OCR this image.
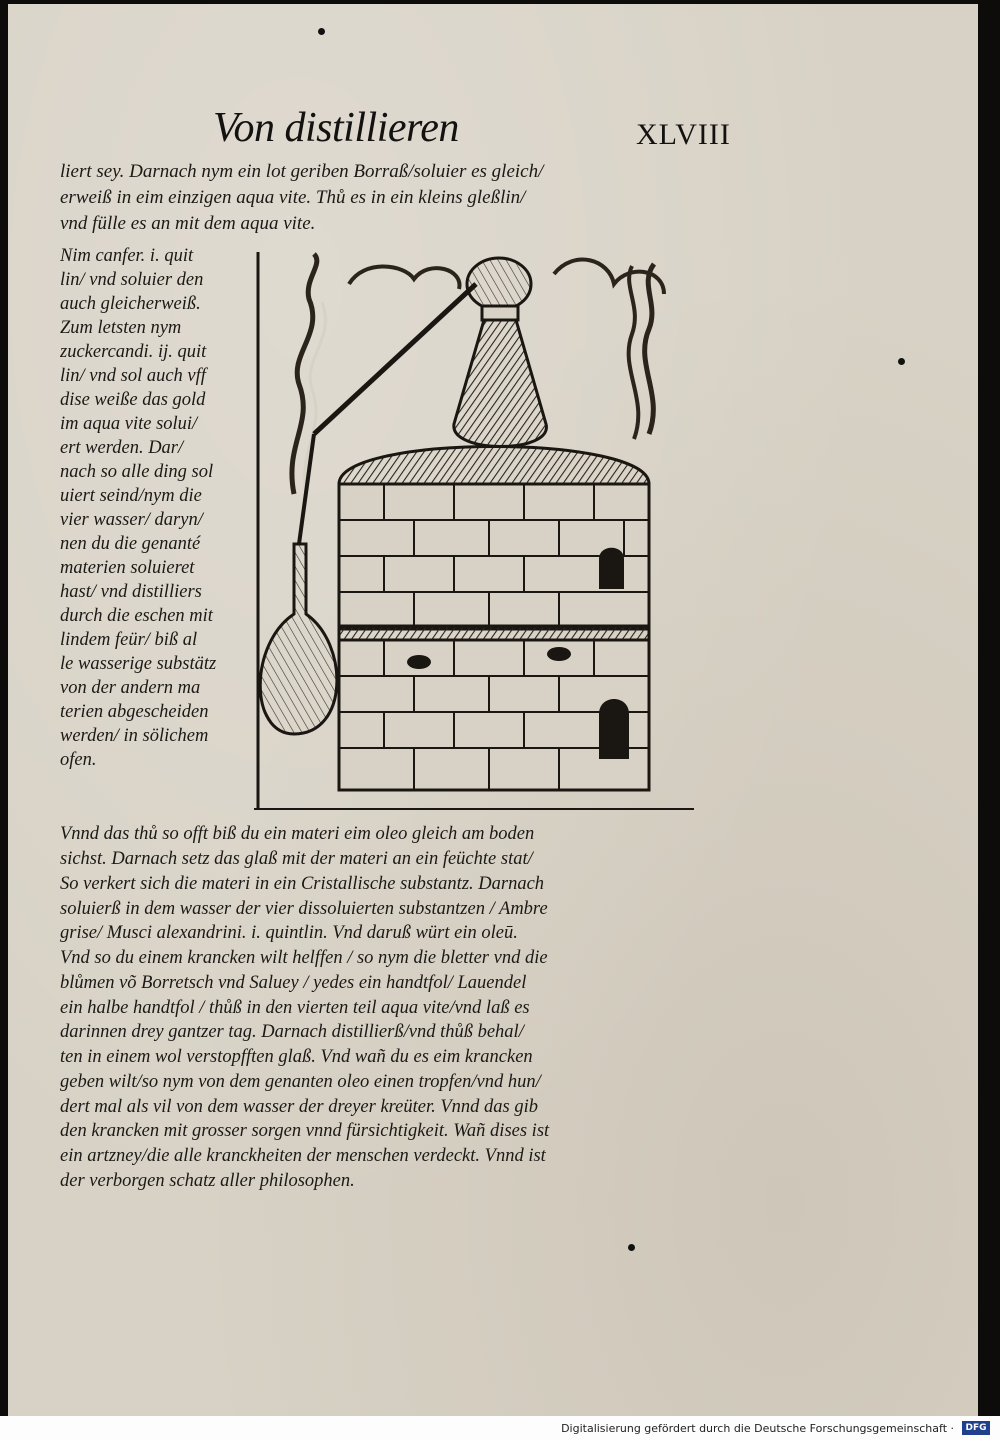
Von distillieren	XLVIII
liert sey. Darnach nym ein lot geriben Borraß/soluier es gleich/
erweiß in eim einzigen aqua vite. Thů es in ein kleins gleßlin/
vnd fülle es an mit dem aqua vite.
Nim canfer. i. quit
lin/ vnd soluier den
auch gleicherweiß.
Zum letsten nym
zuckercandi. ij. quit
lin/ vnd sol auch vff
dise weiße das gold
im aqua vite solui/
ert werden. Dar/
nach so alle ding sol
uiert seind/nym die
vier wasser/ daryn/
nen du die genanté
materien soluieret
hast/ vnd distilliers
durch die eschen mit
lindem feür/ biß al
le wasserige substätz
von der andern ma
terien abgescheiden
werden/ in sölichem
ofen.
Vnnd das thů so offt biß du ein materi eim oleo gleich am boden
sichst. Darnach setz das glaß mit der materi an ein feüchte stat/
So verkert sich die materi in ein Cristallische substantz. Darnach
soluierß in dem wasser der vier dissoluierten substantzen / Ambre
grise/ Musci alexandrini. i. quintlin. Vnd daruß würt ein oleū.
Vnd so du einem krancken wilt helffen / so nym die bletter vnd die
blůmen võ Borretsch vnd Saluey / yedes ein handtfol/ Lauendel
ein halbe handtfol / thůß in den vierten teil aqua vite/vnd laß es
darinnen drey gantzer tag. Darnach distillierß/vnd thůß behal/
ten in einem wol verstopfften glaß. Vnd wañ du es eim krancken
geben wilt/so nym von dem genanten oleo einen tropfen/vnd hun/
dert mal als vil von dem wasser der dreyer kreüter. Vnnd das gib
den krancken mit grosser sorgen vnnd fürsichtigkeit. Wañ dises ist
ein artzney/die alle kranckheiten der menschen verdeckt. Vnnd ist
der verborgen schatz aller philosophen.
Digitalisierung gefördert durch die Deutsche Forschungsgemeinschaft ·	DFG
